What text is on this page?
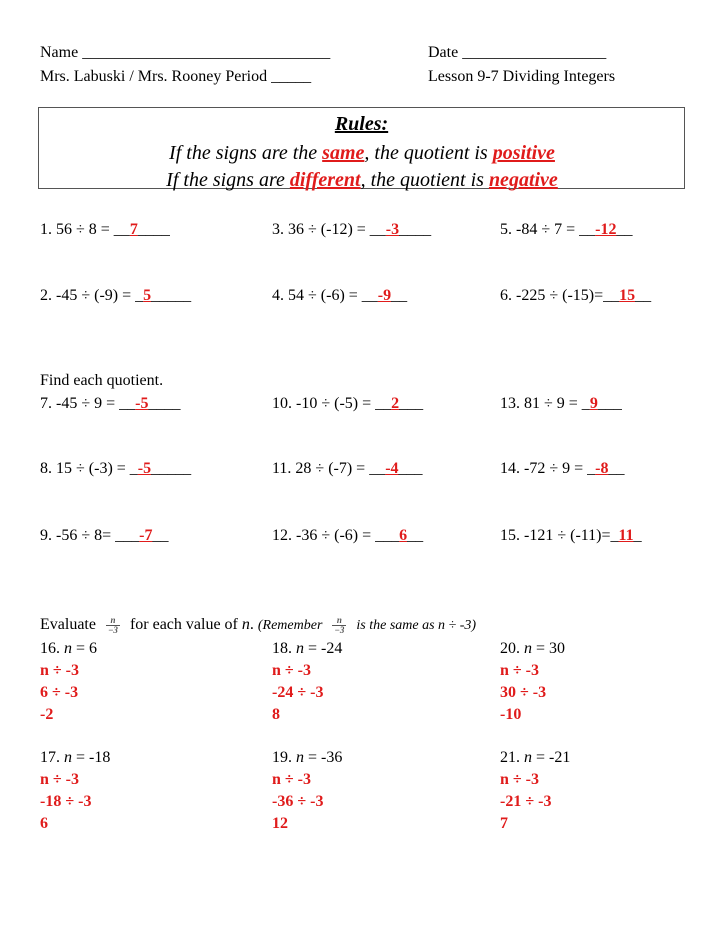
Name _______________________________
Mrs. Labuski / Mrs. Rooney Period _____
Date __________________
Lesson 9-7 Dividing Integers
Rules:
If the signs are the same, the quotient is positive
If the signs are different, the quotient is negative
1. 56 ÷ 8 = __7____	3. 36 ÷ (-12) = __-3____	5. -84 ÷ 7 = __-12__
2. -45 ÷ (-9) = _5_____	4. 54 ÷ (-6) = __-9__	6. -225 ÷ (-15)=__15__
Find each quotient.
7. -45 ÷ 9 = __-5____	10. -10 ÷ (-5) = __2___	13. 81 ÷ 9 = _9___
8. 15 ÷ (-3) = _-5_____	11. 28 ÷ (-7) = __-4___	14. -72 ÷ 9 = _-8__
9. -56 ÷ 8= ___-7__	12. -36 ÷ (-6) = ___6__	15. -121 ÷ (-11)=_11_
Evaluate $\frac{n}{-3}$ for each value of n. (Remember $\frac{n}{-3}$ is the same as n ÷ -3)
16. n = 6
n ÷ -3
6 ÷ -3
-2
18. n = -24
n ÷ -3
-24 ÷ -3
8
20. n = 30
n ÷ -3
30 ÷ -3
-10
17. n = -18
n ÷ -3
-18 ÷ -3
6
19. n = -36
n ÷ -3
-36 ÷ -3
12
21. n = -21
n ÷ -3
-21 ÷ -3
7
